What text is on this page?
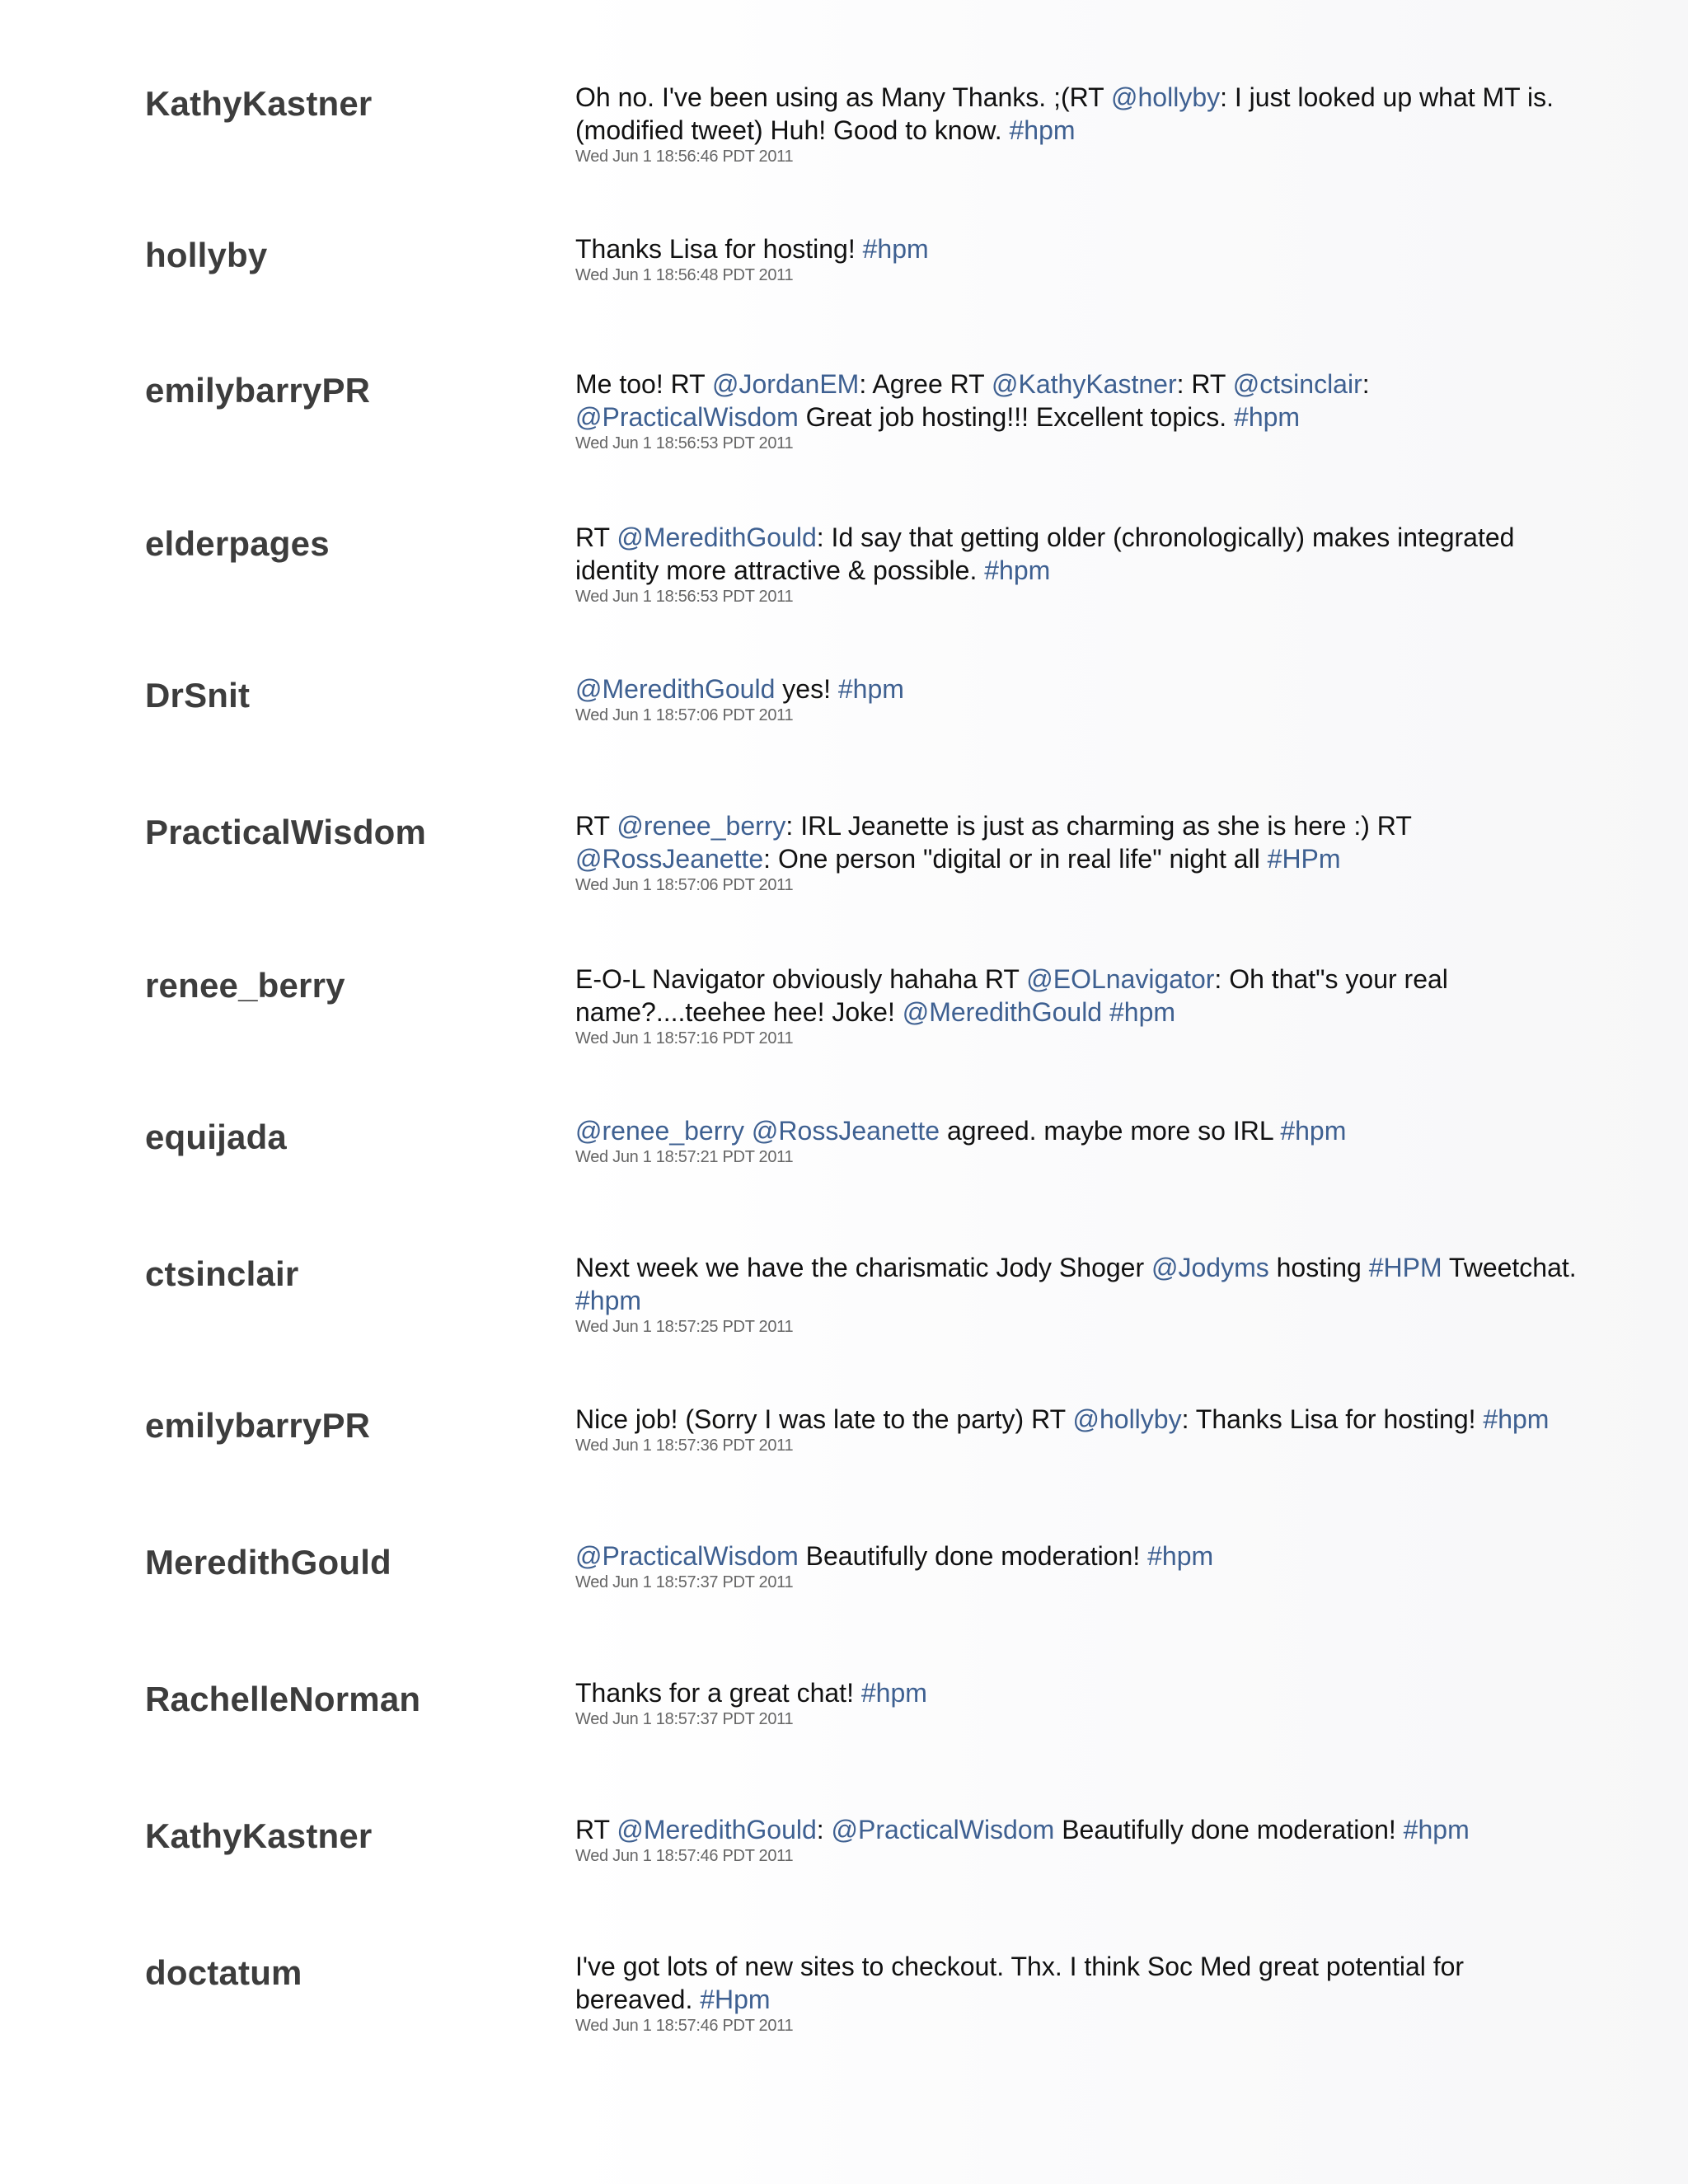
KathyKastner	Oh no. I've been using as Many Thanks. ;(RT @hollyby: I just looked up what MT is. (modified tweet) Huh! Good to know. #hpm
Wed Jun 1 18:56:46 PDT 2011
hollyby	Thanks Lisa for hosting! #hpm
Wed Jun 1 18:56:48 PDT 2011
emilybarryPR	Me too! RT @JordanEM: Agree RT @KathyKastner: RT @ctsinclair: @PracticalWisdom Great job hosting!!! Excellent topics. #hpm
Wed Jun 1 18:56:53 PDT 2011
elderpages	RT @MeredithGould: Id say that getting older (chronologically) makes integrated identity more attractive & possible. #hpm
Wed Jun 1 18:56:53 PDT 2011
DrSnit	@MeredithGould yes! #hpm
Wed Jun 1 18:57:06 PDT 2011
PracticalWisdom	RT @renee_berry: IRL Jeanette is just as charming as she is here :) RT @RossJeanette: One person "digital or in real life" night all #HPm
Wed Jun 1 18:57:06 PDT 2011
renee_berry	E-O-L Navigator obviously hahaha RT @EOLnavigator: Oh that"s your real name?....teehee hee! Joke! @MeredithGould #hpm
Wed Jun 1 18:57:16 PDT 2011
equijada	@renee_berry @RossJeanette agreed. maybe more so IRL #hpm
Wed Jun 1 18:57:21 PDT 2011
ctsinclair	Next week we have the charismatic Jody Shoger @Jodyms hosting #HPM Tweetchat. #hpm
Wed Jun 1 18:57:25 PDT 2011
emilybarryPR	Nice job! (Sorry I was late to the party) RT @hollyby: Thanks Lisa for hosting! #hpm
Wed Jun 1 18:57:36 PDT 2011
MeredithGould	@PracticalWisdom Beautifully done moderation! #hpm
Wed Jun 1 18:57:37 PDT 2011
RachelleNorman	Thanks for a great chat! #hpm
Wed Jun 1 18:57:37 PDT 2011
KathyKastner	RT @MeredithGould: @PracticalWisdom Beautifully done moderation! #hpm
Wed Jun 1 18:57:46 PDT 2011
doctatum	I've got lots of new sites to checkout. Thx. I think Soc Med great potential for bereaved. #Hpm
Wed Jun 1 18:57:46 PDT 2011
